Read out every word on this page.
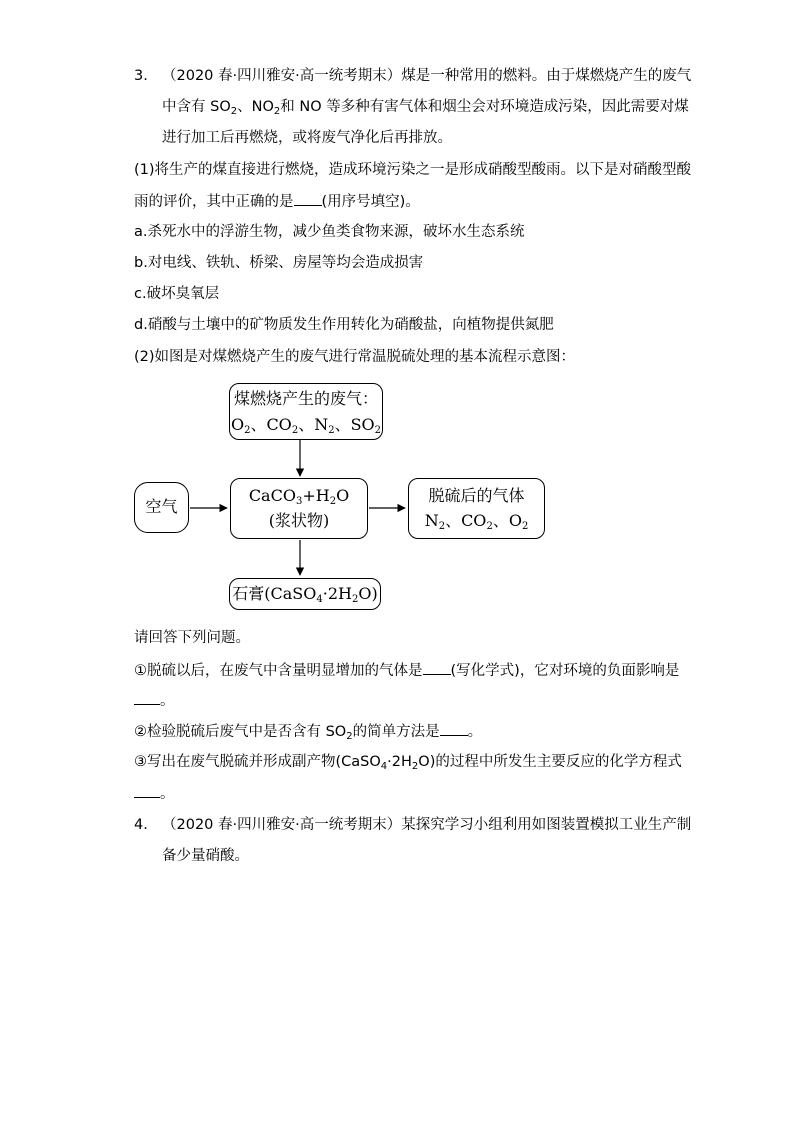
3. （2020 春·四川雅安·高一统考期末）煤是一种常用的燃料。由于煤燃烧产生的废气
中含有 $SO_2$、$NO_2$和 NO 等多种有害气体和烟尘会对环境造成污染，因此需要对煤
进行加工后再燃烧，或将废气净化后再排放。
(1)将生产的煤直接进行燃烧，造成环境污染之一是形成硝酸型酸雨。以下是对硝酸型酸
雨的评价，其中正确的是 (用序号填空)。
a.杀死水中的浮游生物，减少鱼类食物来源，破坏水生态系统
b.对电线、铁轨、桥梁、房屋等均会造成损害
c.破坏臭氧层
d.硝酸与土壤中的矿物质发生作用转化为硝酸盐，向植物提供氮肥
(2)如图是对煤燃烧产生的废气进行常温脱硫处理的基本流程示意图：
煤燃烧产生的废气：
$O_2$、$CO_2$、$N_2$、$SO_2$
空气
$CaCO_3+H_2O$
(浆状物)
脱硫后的气体
$N_2$、$CO_2$、$O_2$
石膏$(CaSO_4\cdot 2H_2O)$
请回答下列问题。
①脱硫以后，在废气中含量明显增加的气体是 (写化学式)，它对环境的负面影响是
。
②检验脱硫后废气中是否含有 $SO_2$的简单方法是 。
③写出在废气脱硫并形成副产物$(CaSO_4\cdot 2H_2O)$的过程中所发生主要反应的化学方程式
。
4. （2020 春·四川雅安·高一统考期末）某探究学习小组利用如图装置模拟工业生产制
备少量硝酸。
